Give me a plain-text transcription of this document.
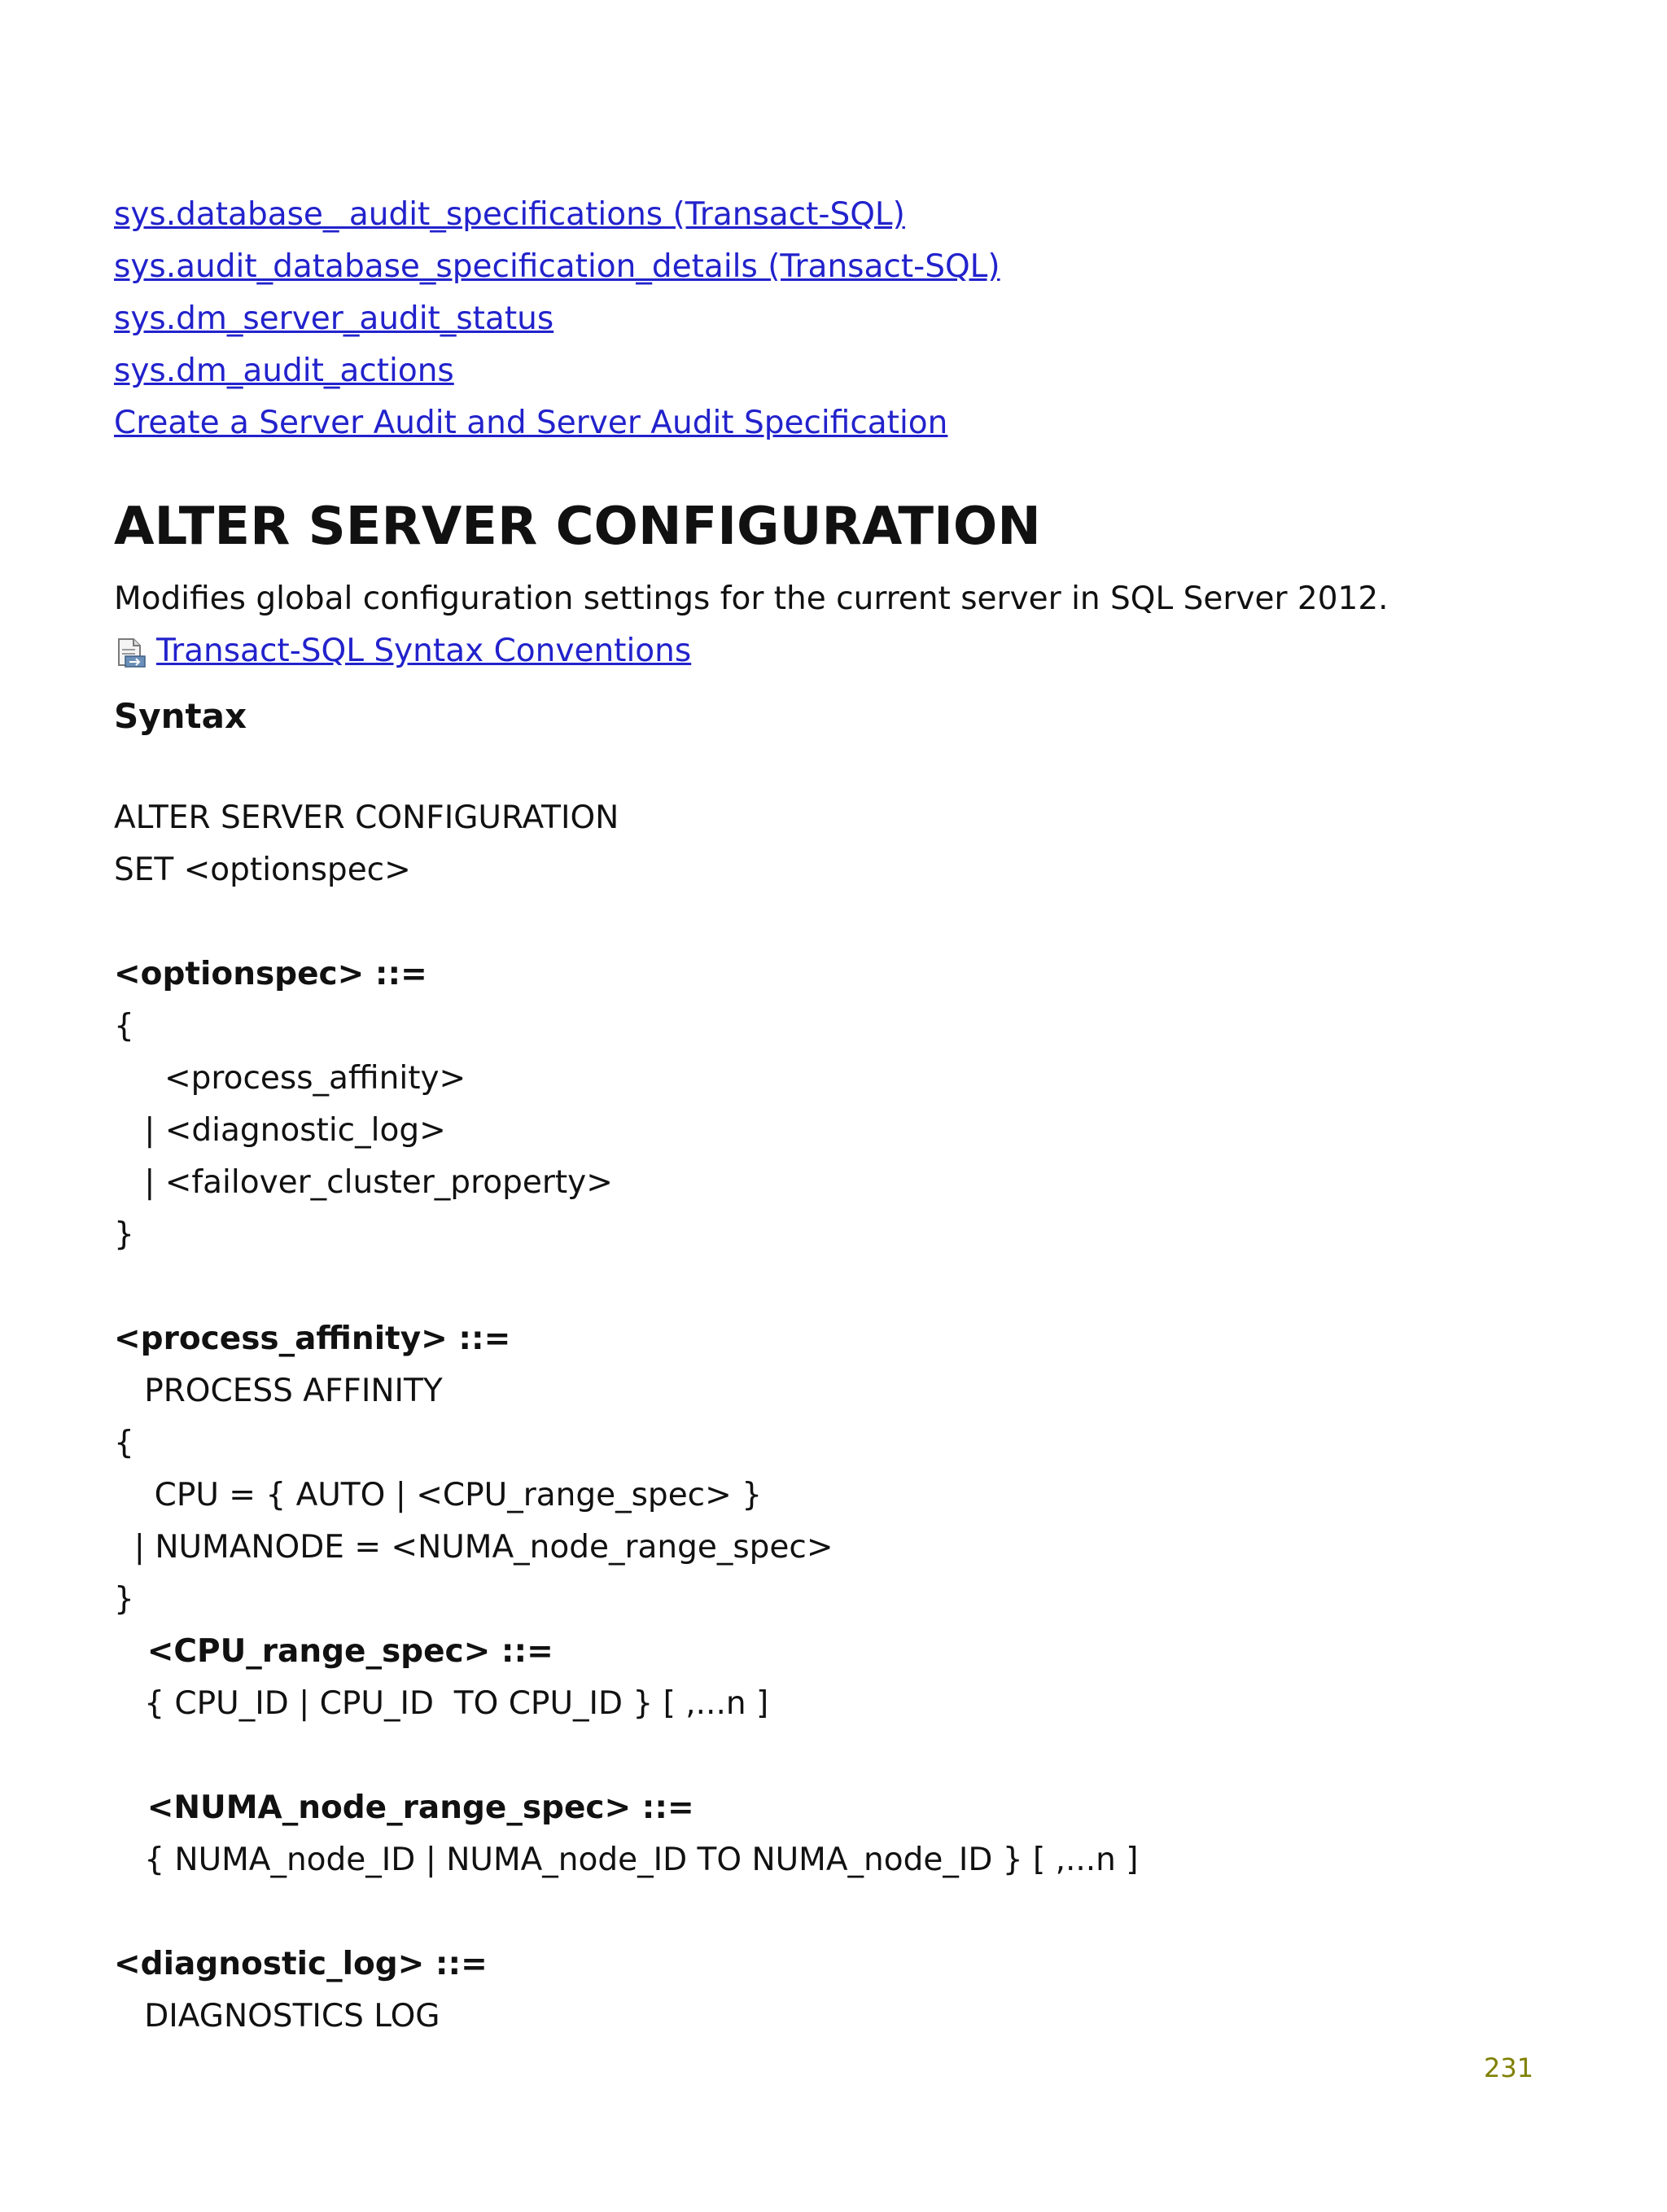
sys.database_ audit_specifications (Transact-SQL)
sys.audit_database_specification_details (Transact-SQL)
sys.dm_server_audit_status
sys.dm_audit_actions
Create a Server Audit and Server Audit Specification
ALTER SERVER CONFIGURATION
Modifies global configuration settings for the current server in SQL Server 2012.
Transact-SQL Syntax Conventions
Syntax
ALTER SERVER CONFIGURATION
SET <optionspec>
<optionspec> ::=
{
<process_affinity>
| <diagnostic_log>
| <failover_cluster_property>
}
<process_affinity> ::=
PROCESS AFFINITY
{
CPU = { AUTO | <CPU_range_spec> }
| NUMANODE = <NUMA_node_range_spec>
}
<CPU_range_spec> ::=
{ CPU_ID | CPU_ID  TO CPU_ID } [ ,...n ]
<NUMA_node_range_spec> ::=
{ NUMA_node_ID | NUMA_node_ID TO NUMA_node_ID } [ ,...n ]
<diagnostic_log> ::=
DIAGNOSTICS LOG
231
